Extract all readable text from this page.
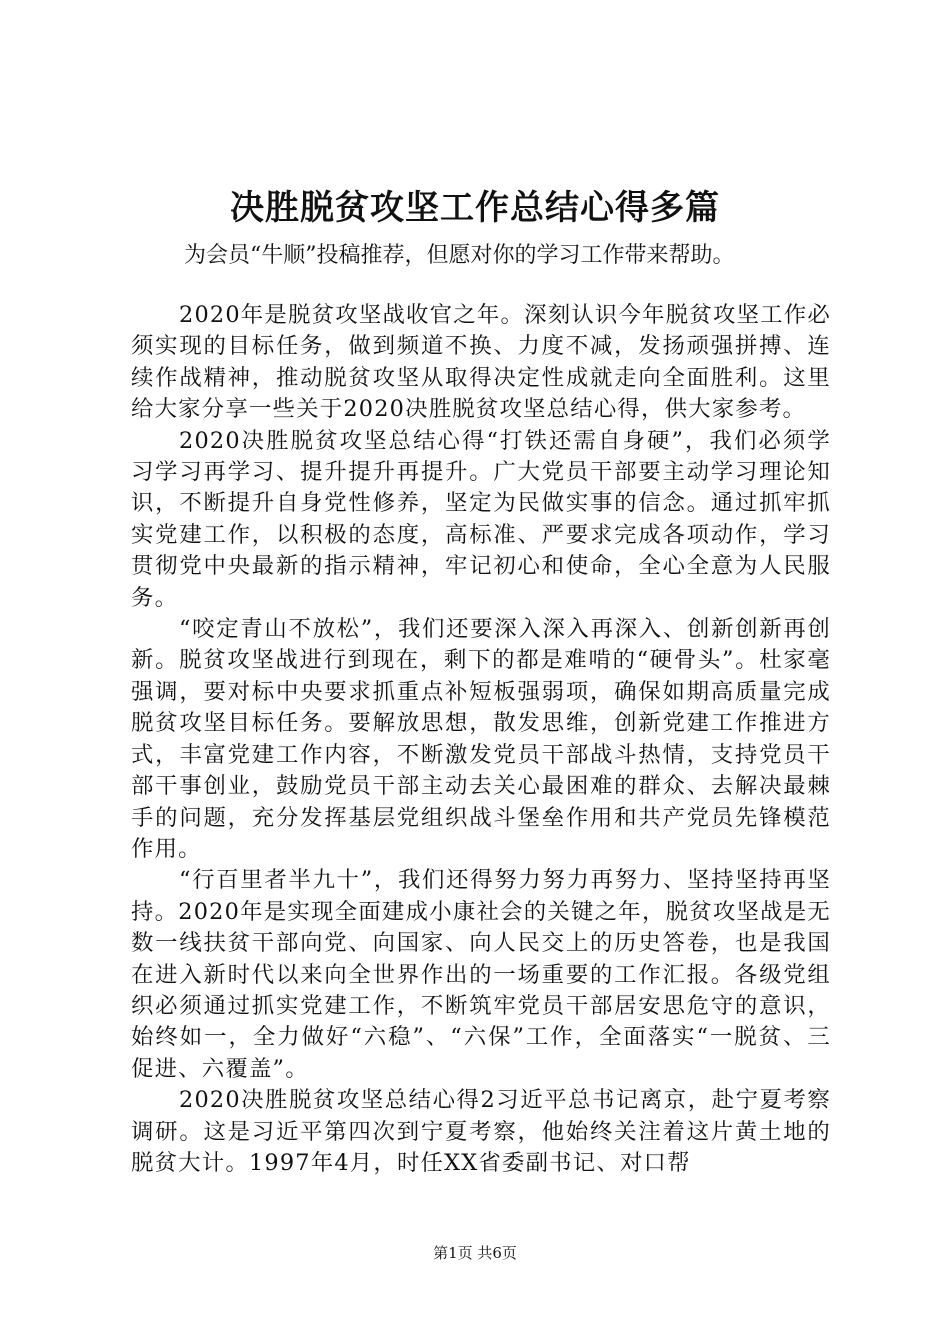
决胜脱贫攻坚工作总结心得多篇

为会员“牛顺”投稿推荐，但愿对你的学习工作带来帮助。

2020年是脱贫攻坚战收官之年。深刻认识今年脱贫攻坚工作必须实现的目标任务，做到频道不换、力度不减，发扬顽强拼搏、连续作战精神，推动脱贫攻坚从取得决定性成就走向全面胜利。这里给大家分享一些关于2020决胜脱贫攻坚总结心得，供大家参考。

2020决胜脱贫攻坚总结心得“打铁还需自身硬”，我们必须学习学习再学习、提升提升再提升。广大党员干部要主动学习理论知识，不断提升自身党性修养，坚定为民做实事的信念。通过抓牢抓实党建工作，以积极的态度，高标准、严要求完成各项动作，学习贯彻党中央最新的指示精神，牢记初心和使命，全心全意为人民服务。

“咬定青山不放松”，我们还要深入深入再深入、创新创新再创新。脱贫攻坚战进行到现在，剩下的都是难啃的“硬骨头”。杜家毫强调，要对标中央要求抓重点补短板强弱项，确保如期高质量完成脱贫攻坚目标任务。要解放思想，散发思维，创新党建工作推进方式，丰富党建工作内容，不断激发党员干部战斗热情，支持党员干部干事创业，鼓励党员干部主动去关心最困难的群众、去解决最棘手的问题，充分发挥基层党组织战斗堡垒作用和共产党员先锋模范作用。

“行百里者半九十”，我们还得努力努力再努力、坚持坚持再坚持。2020年是实现全面建成小康社会的关键之年，脱贫攻坚战是无数一线扶贫干部向党、向国家、向人民交上的历史答卷，也是我国在进入新时代以来向全世界作出的一场重要的工作汇报。各级党组织必须通过抓实党建工作，不断筑牢党员干部居安思危守的意识，始终如一，全力做好“六稳”、“六保”工作，全面落实“一脱贫、三促进、六覆盖”。

2020决胜脱贫攻坚总结心得2习近平总书记离京，赴宁夏考察调研。这是习近平第四次到宁夏考察，他始终关注着这片黄土地的脱贫大计。1997年4月，时任XX省委副书记、对口帮

第1页 共6页
